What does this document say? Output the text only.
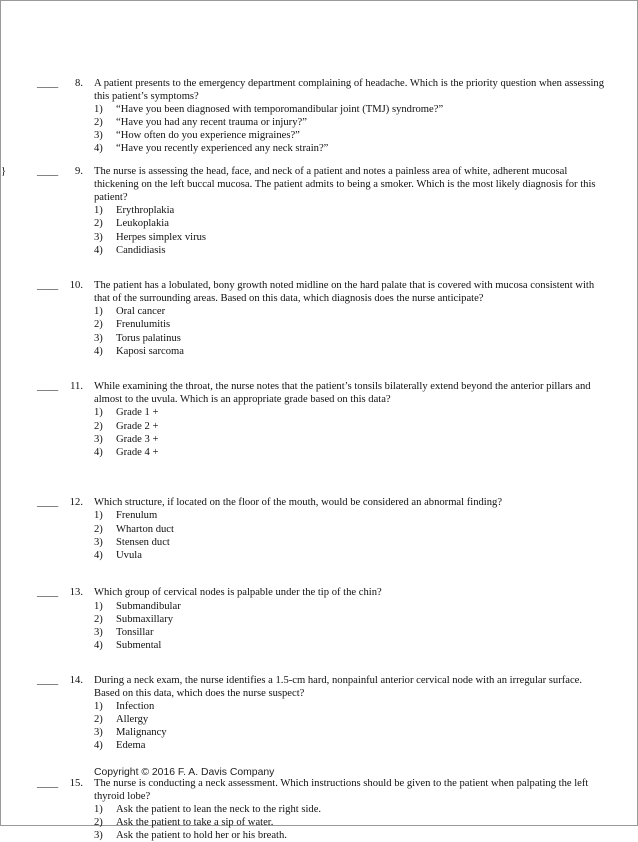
____	8. A patient presents to the emergency department complaining of headache. Which is the priority question when assessing this patient’s symptoms?

1) “Have you been diagnosed with temporomandibular joint (TMJ) syndrome?”
2) “Have you had any recent trauma or injury?”
3) “How often do you experience migraines?”
4) “Have you recently experienced any neck strain?”
____	9. The nurse is assessing the head, face, and neck of a patient and notes a painless area of white, adherent mucosal thickening on the left buccal mucosa. The patient admits to being a smoker. Which is the most likely diagnosis for this patient?

1) Erythroplakia
2) Leukoplakia
3) Herpes simplex virus
4) Candidiasis
}
____	10. The patient has a lobulated, bony growth noted midline on the hard palate that is covered with mucosa consistent with that of the surrounding areas. Based on this data, which diagnosis does the nurse anticipate?

1) Oral cancer
2) Frenulumitis
3) Torus palatinus
4) Kaposi sarcoma
____	11. While examining the throat, the nurse notes that the patient’s tonsils bilaterally extend beyond the anterior pillars and almost to the uvula. Which is an appropriate grade based on this data?

1) Grade 1 +
2) Grade 2 +
3) Grade 3 +
4) Grade 4 +
____	12. Which structure, if located on the floor of the mouth, would be considered an abnormal finding?

1) Frenulum
2) Wharton duct
3) Stensen duct
4) Uvula
____	13. Which group of cervical nodes is palpable under the tip of the chin?

1) Submandibular
2) Submaxillary
3) Tonsillar
4) Submental
____	14. During a neck exam, the nurse identifies a 1.5-cm hard, nonpainful anterior cervical node with an irregular surface. Based on this data, which does the nurse suspect?

1) Infection
2) Allergy
3) Malignancy
4) Edema
____	15. The nurse is conducting a neck assessment. Which instructions should be given to the patient when palpating the left thyroid lobe?

1) Ask the patient to lean the neck to the right side.
2) Ask the patient to take a sip of water.
3) Ask the patient to hold her or his breath.
Copyright © 2016 F. A. Davis Company
